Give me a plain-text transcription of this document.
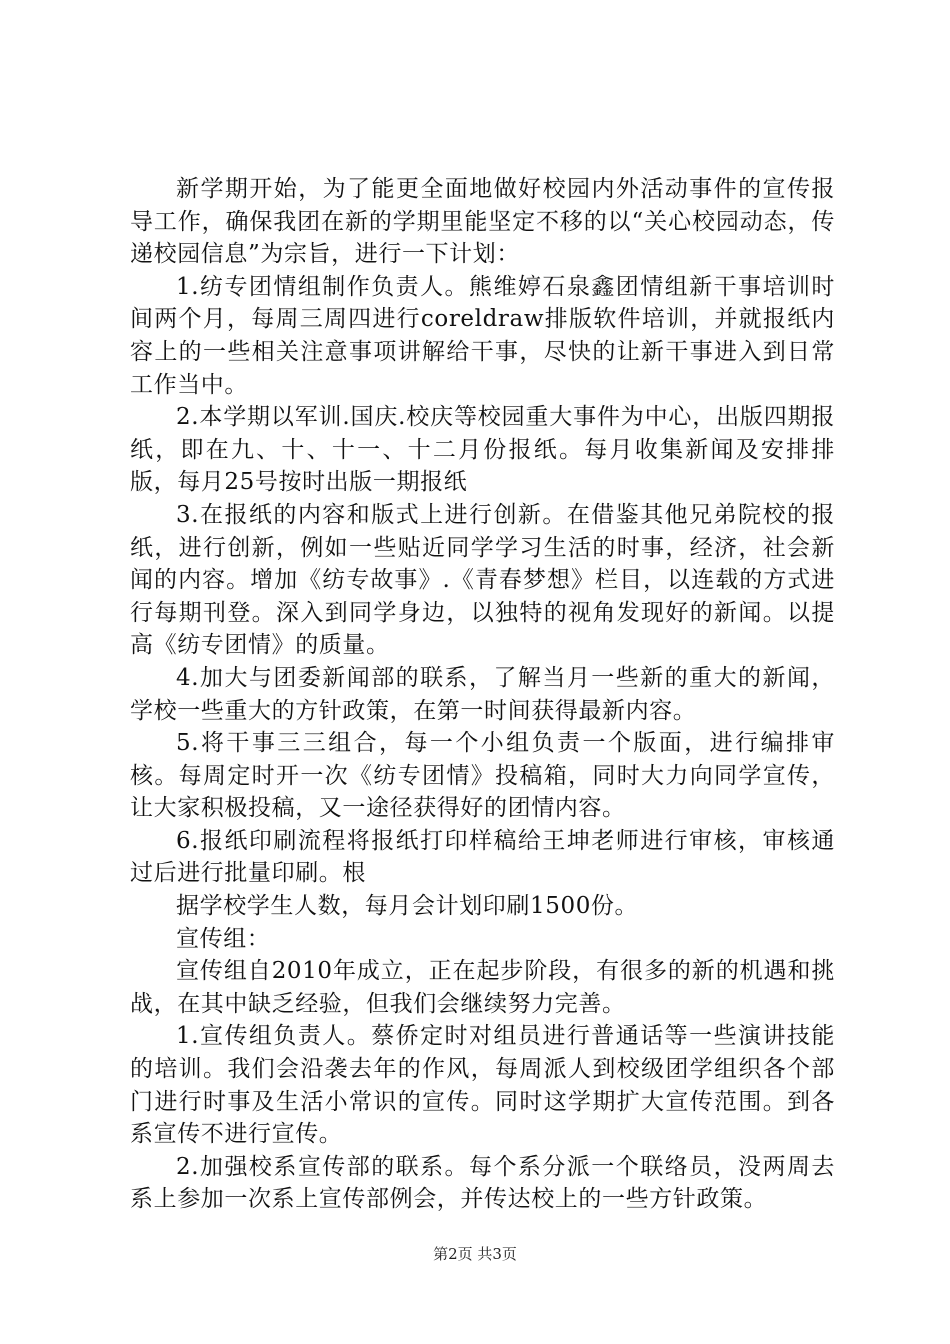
新学期开始，为了能更全面地做好校园内外活动事件的宣传报导工作，确保我团在新的学期里能坚定不移的以“关心校园动态，传递校园信息”为宗旨，进行一下计划：

1.纺专团情组制作负责人。熊维婷石泉鑫团情组新干事培训时间两个月，每周三周四进行coreldraw排版软件培训，并就报纸内容上的一些相关注意事项讲解给干事，尽快的让新干事进入到日常工作当中。

2.本学期以军训.国庆.校庆等校园重大事件为中心，出版四期报纸，即在九、十、十一、十二月份报纸。每月收集新闻及安排排版，每月25号按时出版一期报纸

3.在报纸的内容和版式上进行创新。在借鉴其他兄弟院校的报纸，进行创新，例如一些贴近同学学习生活的时事，经济，社会新闻的内容。增加《纺专故事》.《青春梦想》栏目，以连载的方式进行每期刊登。深入到同学身边，以独特的视角发现好的新闻。以提高《纺专团情》的质量。

4.加大与团委新闻部的联系，了解当月一些新的重大的新闻，学校一些重大的方针政策，在第一时间获得最新内容。

5.将干事三三组合，每一个小组负责一个版面，进行编排审核。每周定时开一次《纺专团情》投稿箱，同时大力向同学宣传，让大家积极投稿，又一途径获得好的团情内容。

6.报纸印刷流程将报纸打印样稿给王坤老师进行审核，审核通过后进行批量印刷。根

据学校学生人数，每月会计划印刷1500份。

宣传组：

宣传组自2010年成立，正在起步阶段，有很多的新的机遇和挑战，在其中缺乏经验，但我们会继续努力完善。

1.宣传组负责人。蔡侨定时对组员进行普通话等一些演讲技能的培训。我们会沿袭去年的作风，每周派人到校级团学组织各个部门进行时事及生活小常识的宣传。同时这学期扩大宣传范围。到各系宣传不进行宣传。

2.加强校系宣传部的联系。每个系分派一个联络员，没两周去系上参加一次系上宣传部例会，并传达校上的一些方针政策。

第2页 共3页
